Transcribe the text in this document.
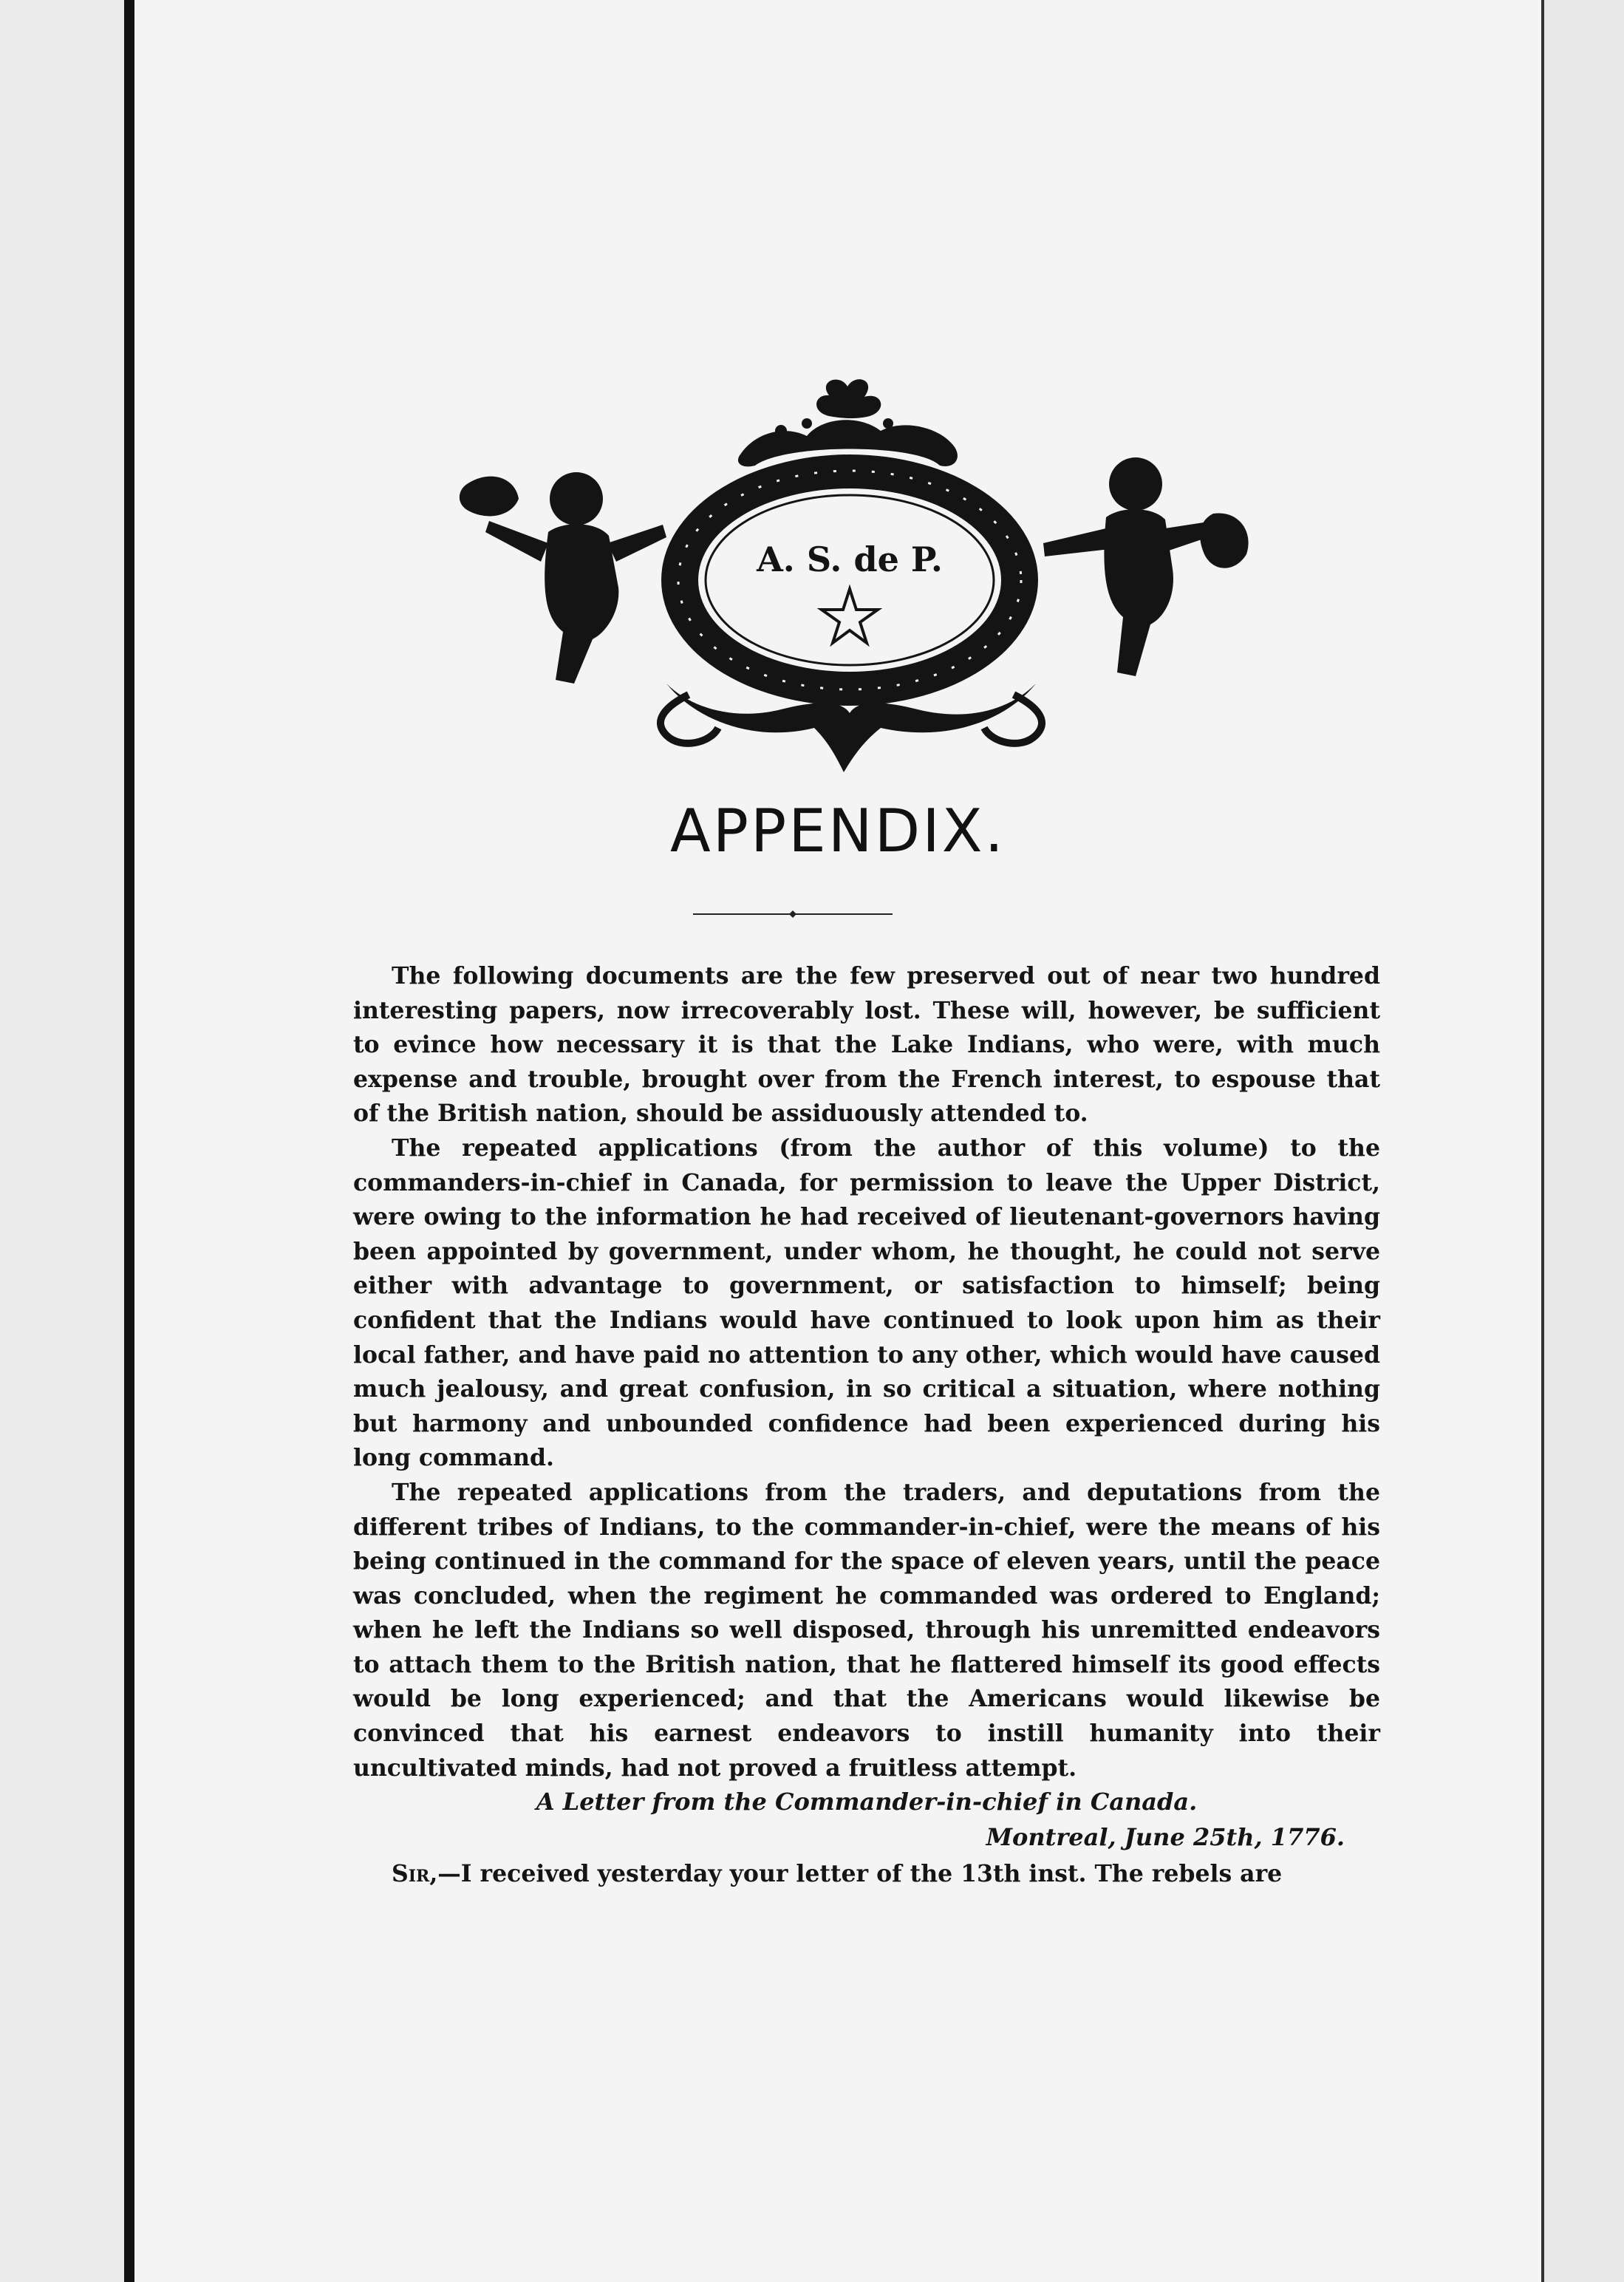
A. S. de P.
APPENDIX.

The following documents are the few preserved out of near two hundred interesting papers, now irrecoverably lost. These will, however, be sufficient to evince how necessary it is that the Lake Indians, who were, with much expense and trouble, brought over from the French interest, to espouse that of the British nation, should be assiduously attended to.

The repeated applications (from the author of this volume) to the commanders-in-chief in Canada, for permission to leave the Upper District, were owing to the information he had received of lieutenant-governors having been appointed by government, under whom, he thought, he could not serve either with advantage to government, or satisfaction to himself; being confident that the Indians would have continued to look upon him as their local father, and have paid no attention to any other, which would have caused much jealousy, and great confusion, in so critical a situation, where nothing but harmony and unbounded confidence had been experienced during his long command.

The repeated applications from the traders, and deputations from the different tribes of Indians, to the commander-in-chief, were the means of his being continued in the command for the space of eleven years, until the peace was concluded, when the regiment he commanded was ordered to England; when he left the Indians so well disposed, through his unremitted endeavors to attach them to the British nation, that he flattered himself its good effects would be long experienced; and that the Americans would likewise be convinced that his earnest endeavors to instill humanity into their uncultivated minds, had not proved a fruitless attempt.

A Letter from the Commander-in-chief in Canada.
Montreal, June 25th, 1776.
Sir,—I received yesterday your letter of the 13th inst. The rebels are
